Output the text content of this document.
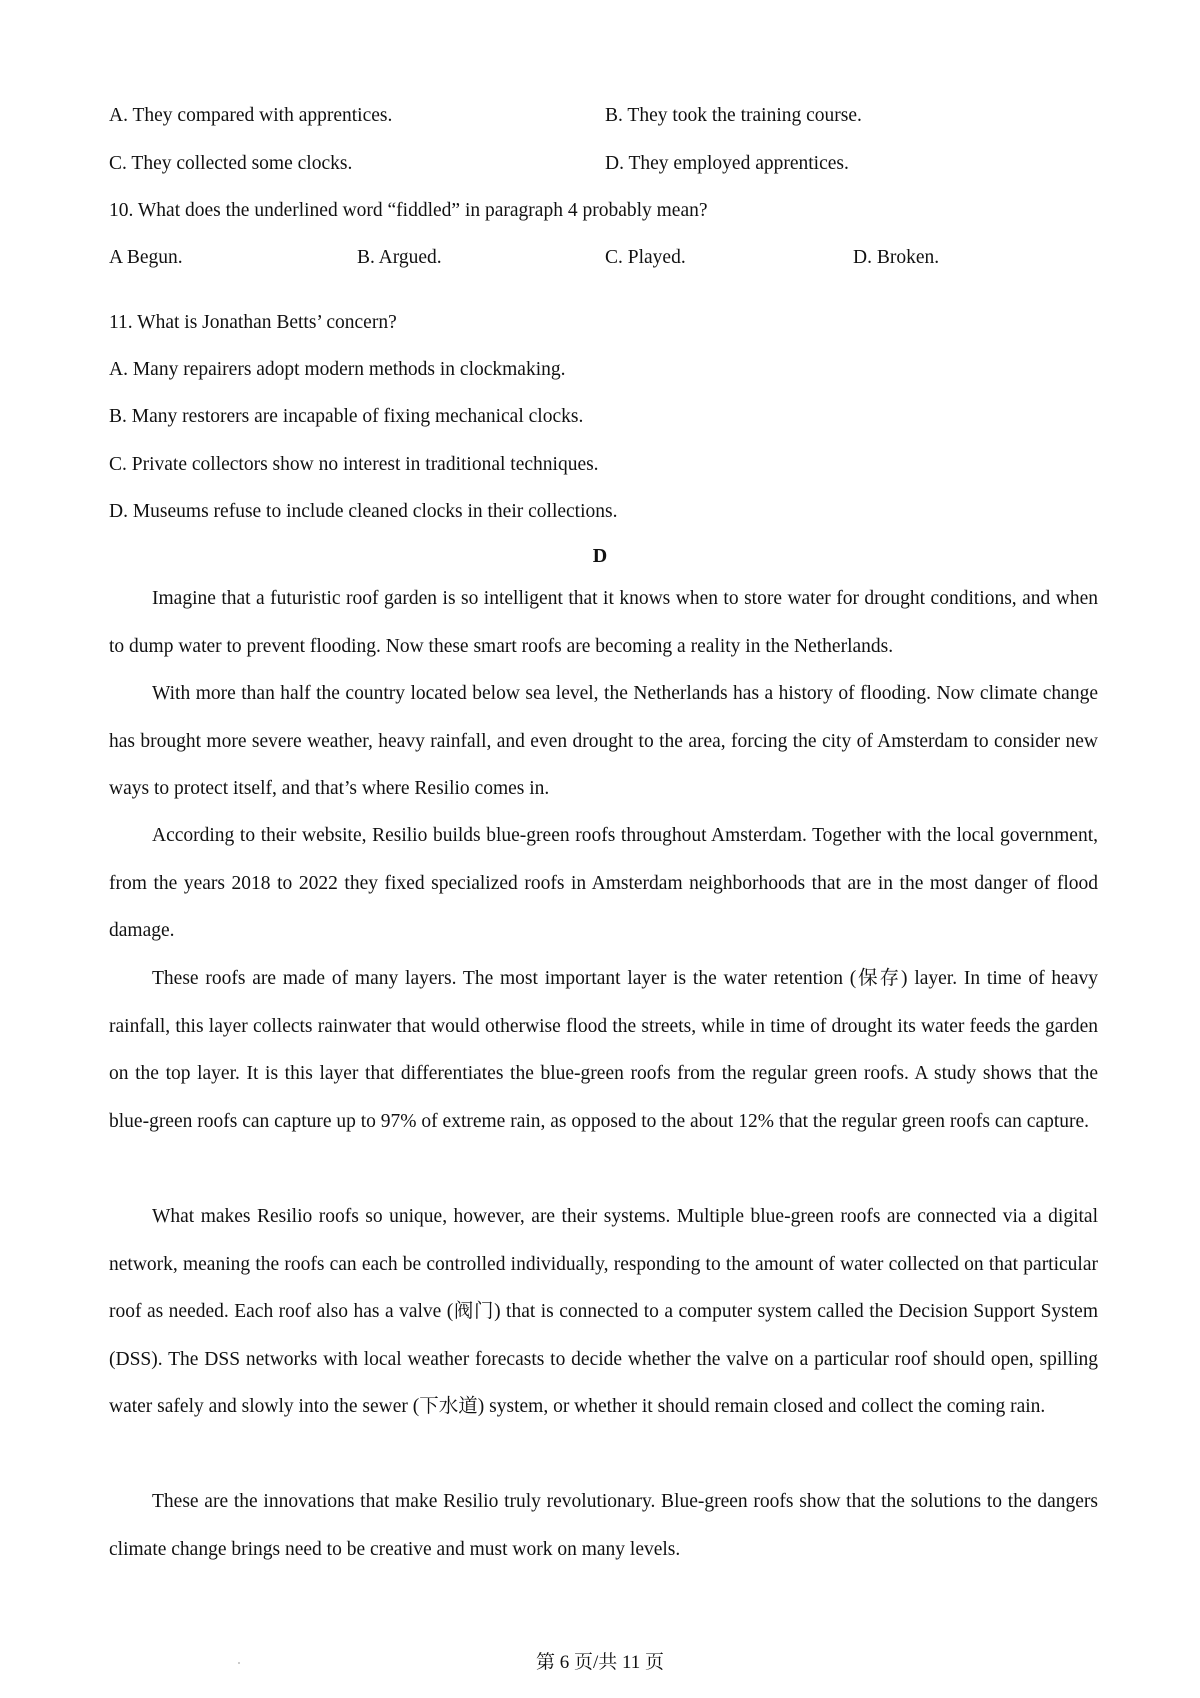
A. They compared with apprentices.	B. They took the training course.
C. They collected some clocks.	D. They employed apprentices.
10. What does the underlined word “fiddled” in paragraph 4 probably mean?
A Begun.	B. Argued.	C. Played.	D. Broken.
11. What is Jonathan Betts’ concern?
A. Many repairers adopt modern methods in clockmaking.
B. Many restorers are incapable of fixing mechanical clocks.
C. Private collectors show no interest in traditional techniques.
D. Museums refuse to include cleaned clocks in their collections.
D

Imagine that a futuristic roof garden is so intelligent that it knows when to store water for drought conditions, and when to dump water to prevent flooding. Now these smart roofs are becoming a reality in the Netherlands.

With more than half the country located below sea level, the Netherlands has a history of flooding. Now climate change has brought more severe weather, heavy rainfall, and even drought to the area, forcing the city of Amsterdam to consider new ways to protect itself, and that’s where Resilio comes in.

According to their website, Resilio builds blue-green roofs throughout Amsterdam. Together with the local government, from the years 2018 to 2022 they fixed specialized roofs in Amsterdam neighborhoods that are in the most danger of flood damage.

These roofs are made of many layers. The most important layer is the water retention (保存) layer. In time of heavy rainfall, this layer collects rainwater that would otherwise flood the streets, while in time of drought its water feeds the garden on the top layer. It is this layer that differentiates the blue-green roofs from the regular green roofs. A study shows that the blue-green roofs can capture up to 97% of extreme rain, as opposed to the about 12% that the regular green roofs can capture.

What makes Resilio roofs so unique, however, are their systems. Multiple blue-green roofs are connected via a digital network, meaning the roofs can each be controlled individually, responding to the amount of water collected on that particular roof as needed. Each roof also has a valve (阀门) that is connected to a computer system called the Decision Support System (DSS). The DSS networks with local weather forecasts to decide whether the valve on a particular roof should open, spilling water safely and slowly into the sewer (下水道) system, or whether it should remain closed and collect the coming rain.

These are the innovations that make Resilio truly revolutionary. Blue-green roofs show that the solutions to the dangers climate change brings need to be creative and must work on many levels.

第 6 页/共 11 页
